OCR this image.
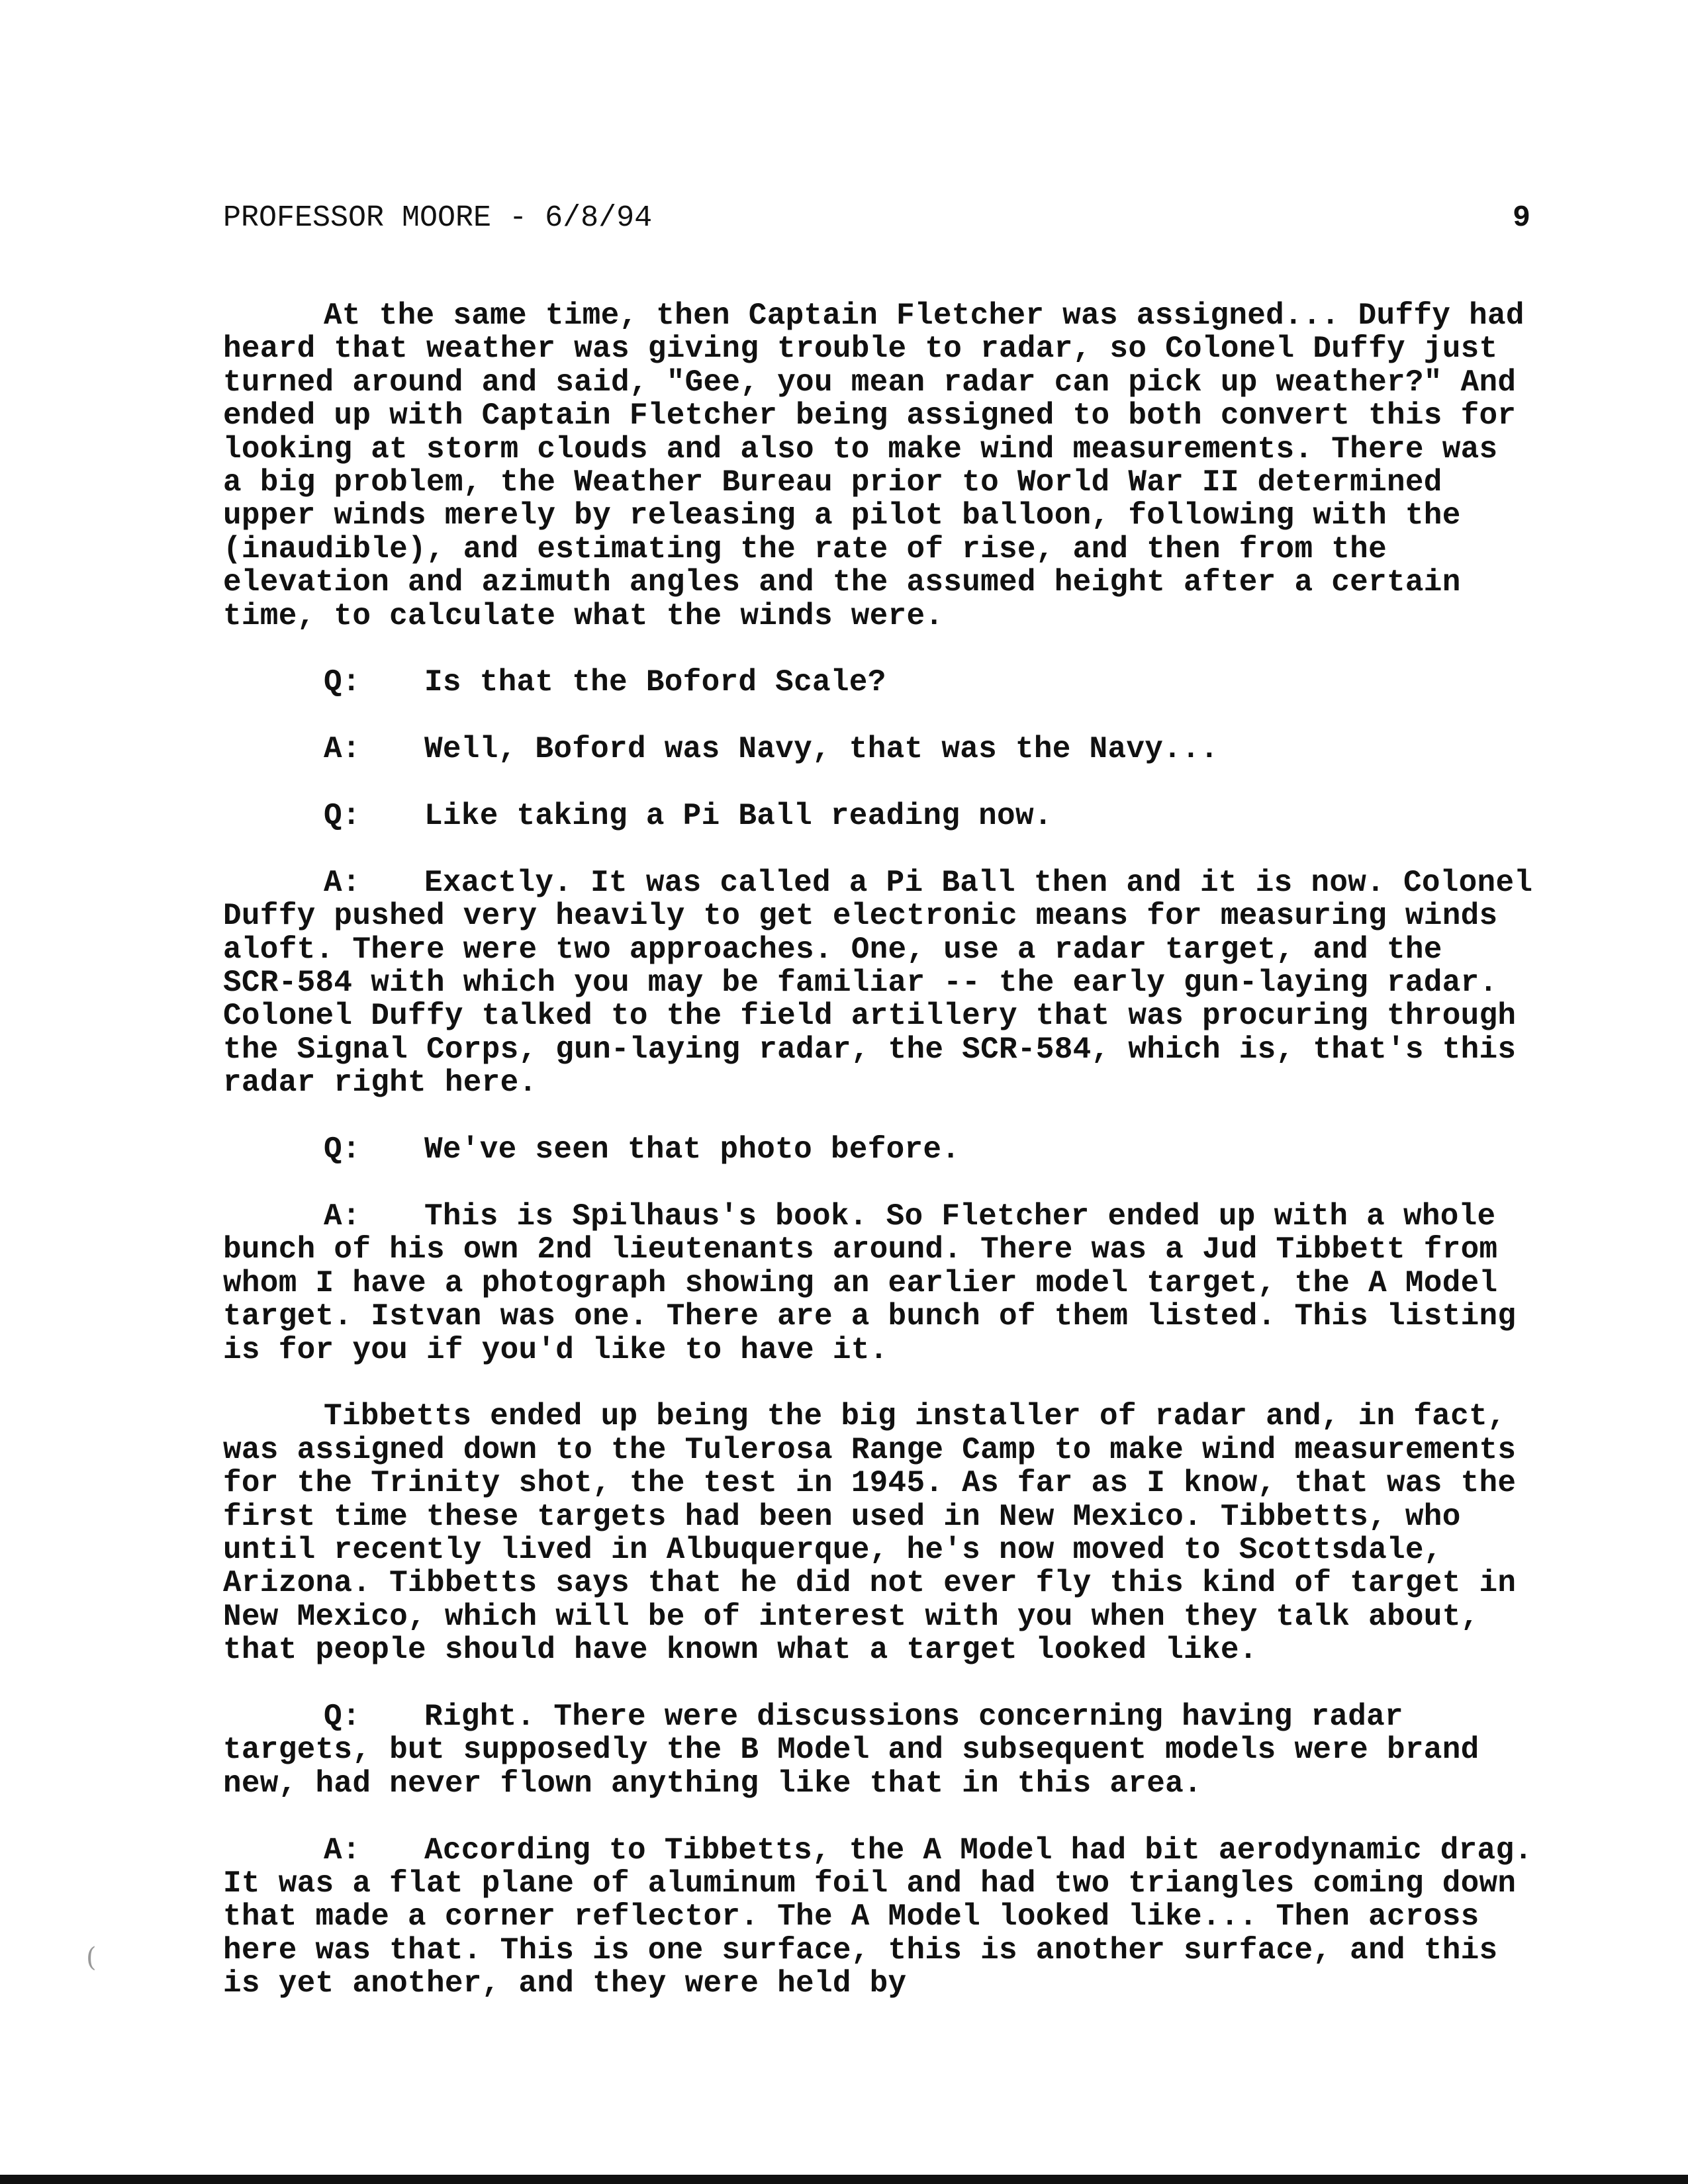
PROFESSOR MOORE - 6/8/94	9

At the same time, then Captain Fletcher was assigned... Duffy had heard that weather was giving trouble to radar, so Colonel Duffy just turned around and said, "Gee, you mean radar can pick up weather?" And ended up with Captain Fletcher being assigned to both convert this for looking at storm clouds and also to make wind measurements. There was a big problem, the Weather Bureau prior to World War II determined upper winds merely by releasing a pilot balloon, following with the (inaudible), and estimating the rate of rise, and then from the elevation and azimuth angles and the assumed height after a certain time, to calculate what the winds were.

Q: Is that the Boford Scale?

A: Well, Boford was Navy, that was the Navy...

Q: Like taking a Pi Ball reading now.

A: Exactly. It was called a Pi Ball then and it is now. Colonel Duffy pushed very heavily to get electronic means for measuring winds aloft. There were two approaches. One, use a radar target, and the SCR-584 with which you may be familiar -- the early gun-laying radar. Colonel Duffy talked to the field artillery that was procuring through the Signal Corps, gun-laying radar, the SCR-584, which is, that's this radar right here.

Q: We've seen that photo before.

A: This is Spilhaus's book. So Fletcher ended up with a whole bunch of his own 2nd lieutenants around. There was a Jud Tibbett from whom I have a photograph showing an earlier model target, the A Model target. Istvan was one. There are a bunch of them listed. This listing is for you if you'd like to have it.

Tibbetts ended up being the big installer of radar and, in fact, was assigned down to the Tulerosa Range Camp to make wind measurements for the Trinity shot, the test in 1945. As far as I know, that was the first time these targets had been used in New Mexico. Tibbetts, who until recently lived in Albuquerque, he's now moved to Scottsdale, Arizona. Tibbetts says that he did not ever fly this kind of target in New Mexico, which will be of interest with you when they talk about, that people should have known what a target looked like.

Q: Right. There were discussions concerning having radar targets, but supposedly the B Model and subsequent models were brand new, had never flown anything like that in this area.

A: According to Tibbetts, the A Model had bit aerodynamic drag. It was a flat plane of aluminum foil and had two triangles coming down that made a corner reflector. The A Model looked like... Then across here was that. This is one surface, this is another surface, and this is yet another, and they were held by

(
